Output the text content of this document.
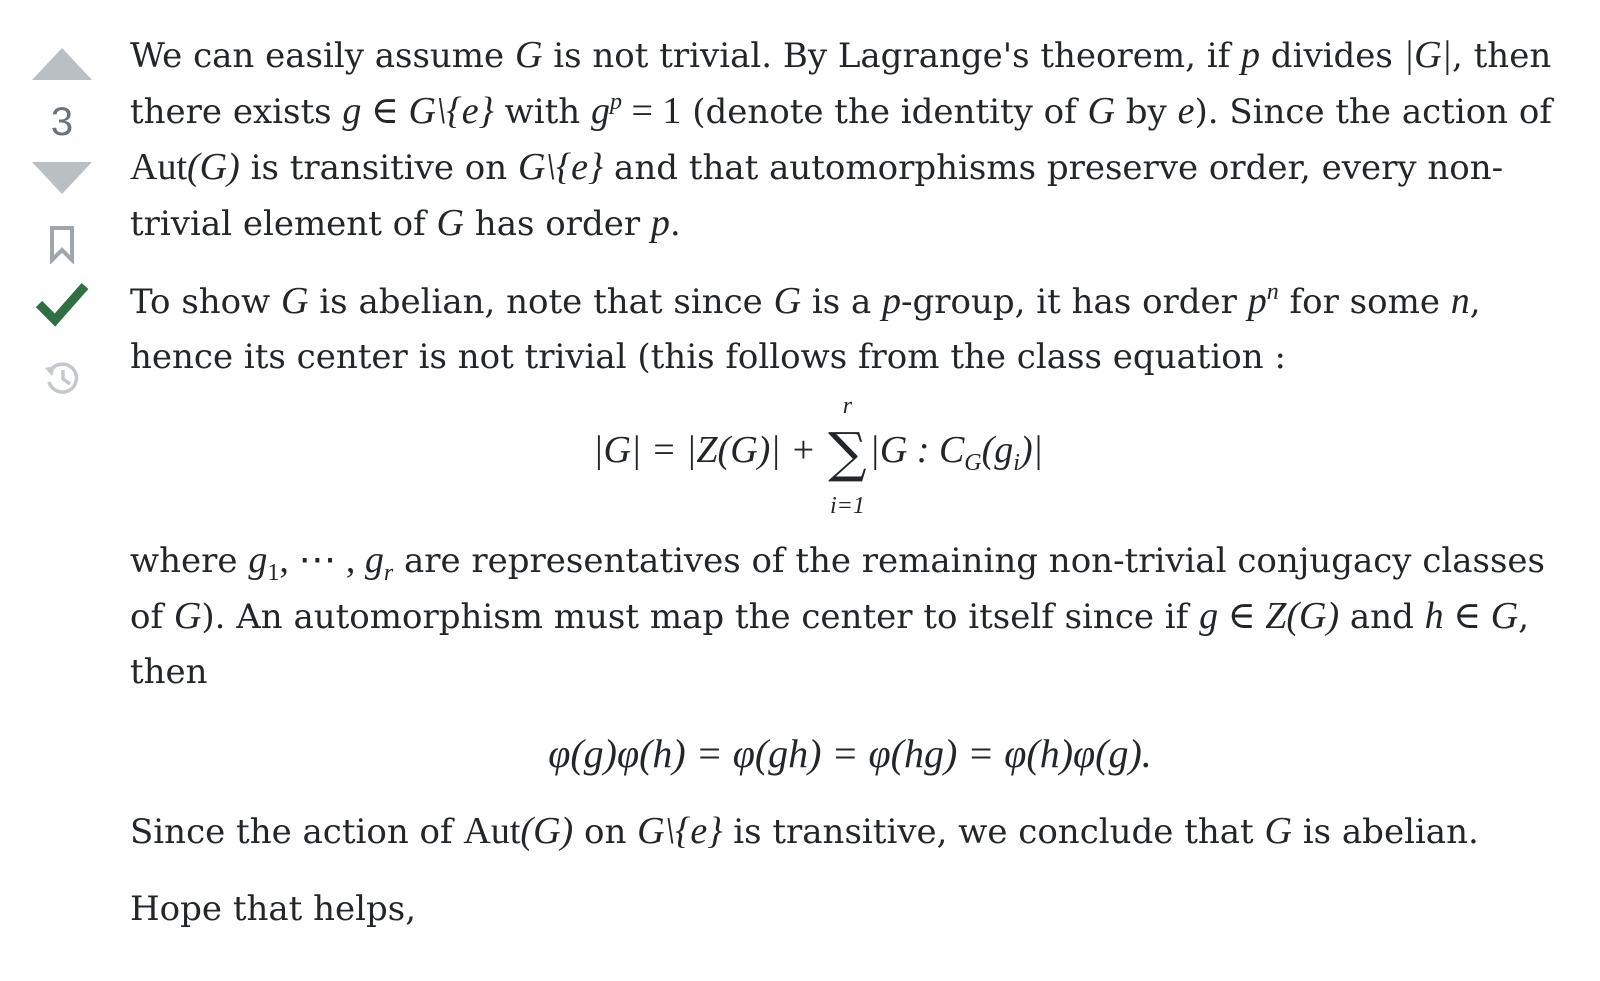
3

We can easily assume G is not trivial. By Lagrange's theorem, if p divides |G|, then there exists g ∈ G\{e} with $g^p = 1$ (denote the identity of G by e). Since the action of Aut(G) is transitive on G\{e} and that automorphisms preserve order, every non-trivial element of G has order p.

To show G is abelian, note that since G is a p-group, it has order $p^n$ for some n, hence its center is not trivial (this follows from the class equation :

|G| = |Z(G)| +
r
∑
i=1
|G : $C_G(g_i)|$

where $g_1$, ⋯ , $g_r$ are representatives of the remaining non-trivial conjugacy classes of G). An automorphism must map the center to itself since if g ∈ Z(G) and h ∈ G, then

φ(g)φ(h) = φ(gh) = φ(hg) = φ(h)φ(g).

Since the action of Aut(G) on G\{e} is transitive, we conclude that G is abelian.

Hope that helps,
